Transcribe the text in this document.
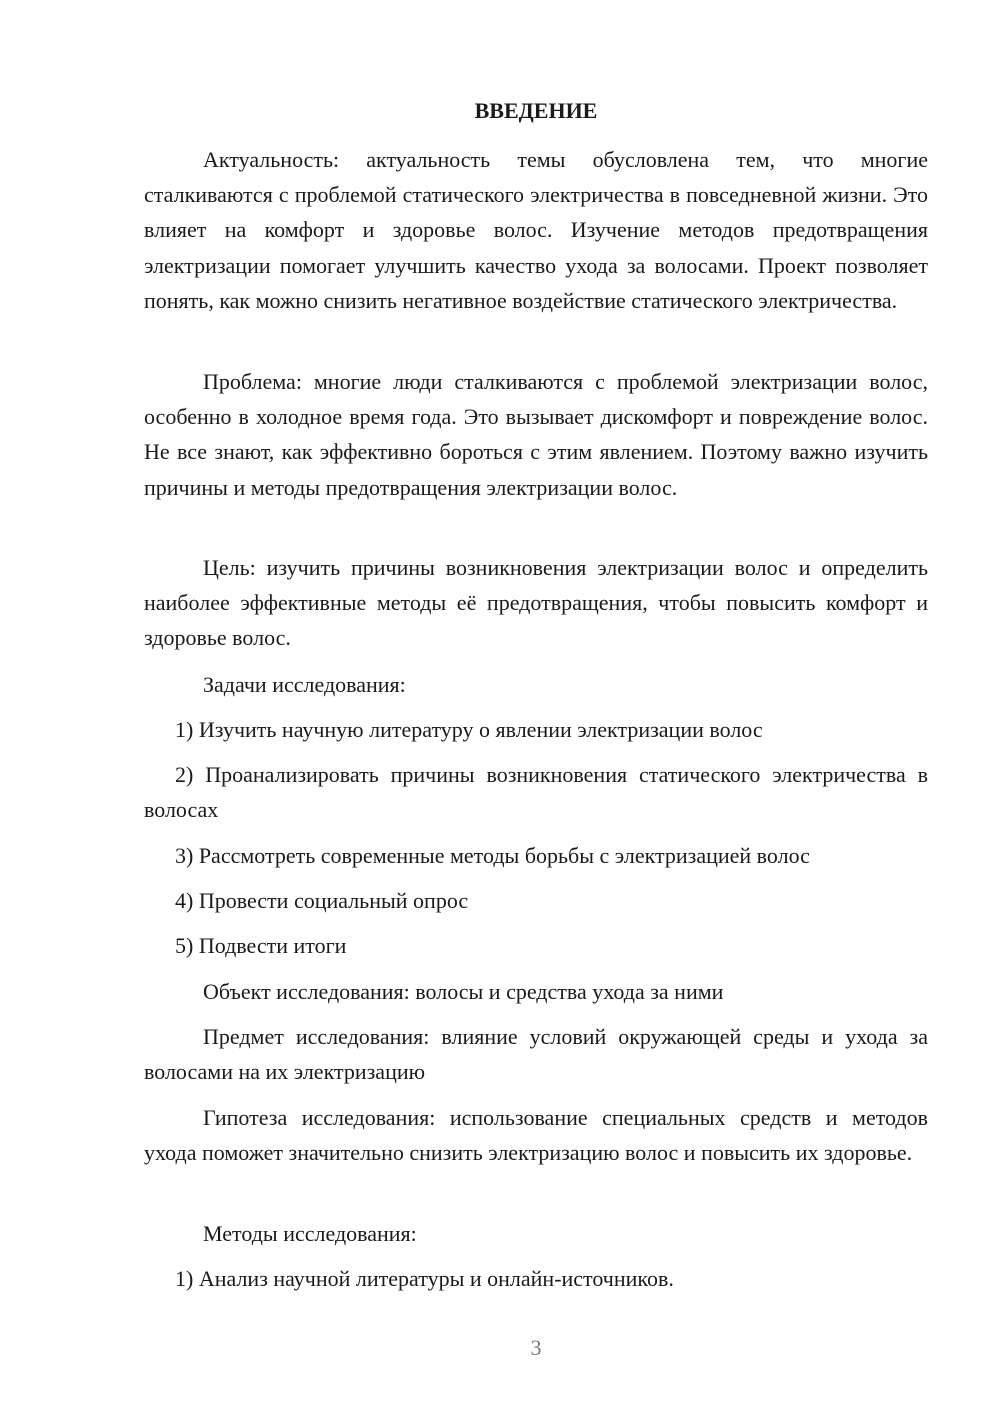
ВВЕДЕНИЕ

Актуальность: актуальность темы обусловлена тем, что многие сталкиваются с проблемой статического электричества в повседневной жизни. Это влияет на комфорт и здоровье волос. Изучение методов предотвращения электризации помогает улучшить качество ухода за волосами. Проект позволяет понять, как можно снизить негативное воздействие статического электричества.

Проблема: многие люди сталкиваются с проблемой электризации волос, особенно в холодное время года. Это вызывает дискомфорт и повреждение волос. Не все знают, как эффективно бороться с этим явлением. Поэтому важно изучить причины и методы предотвращения электризации волос.

Цель: изучить причины возникновения электризации волос и определить наиболее эффективные методы её предотвращения, чтобы повысить комфорт и здоровье волос.

Задачи исследования:

1) Изучить научную литературу о явлении электризации волос

2) Проанализировать причины возникновения статического электричества в волосах

3) Рассмотреть современные методы борьбы с электризацией волос

4) Провести социальный опрос

5) Подвести итоги

Объект исследования: волосы и средства ухода за ними

Предмет исследования: влияние условий окружающей среды и ухода за волосами на их электризацию

Гипотеза исследования: использование специальных средств и методов ухода поможет значительно снизить электризацию волос и повысить их здоровье.

Методы исследования:

1) Анализ научной литературы и онлайн-источников.

3
